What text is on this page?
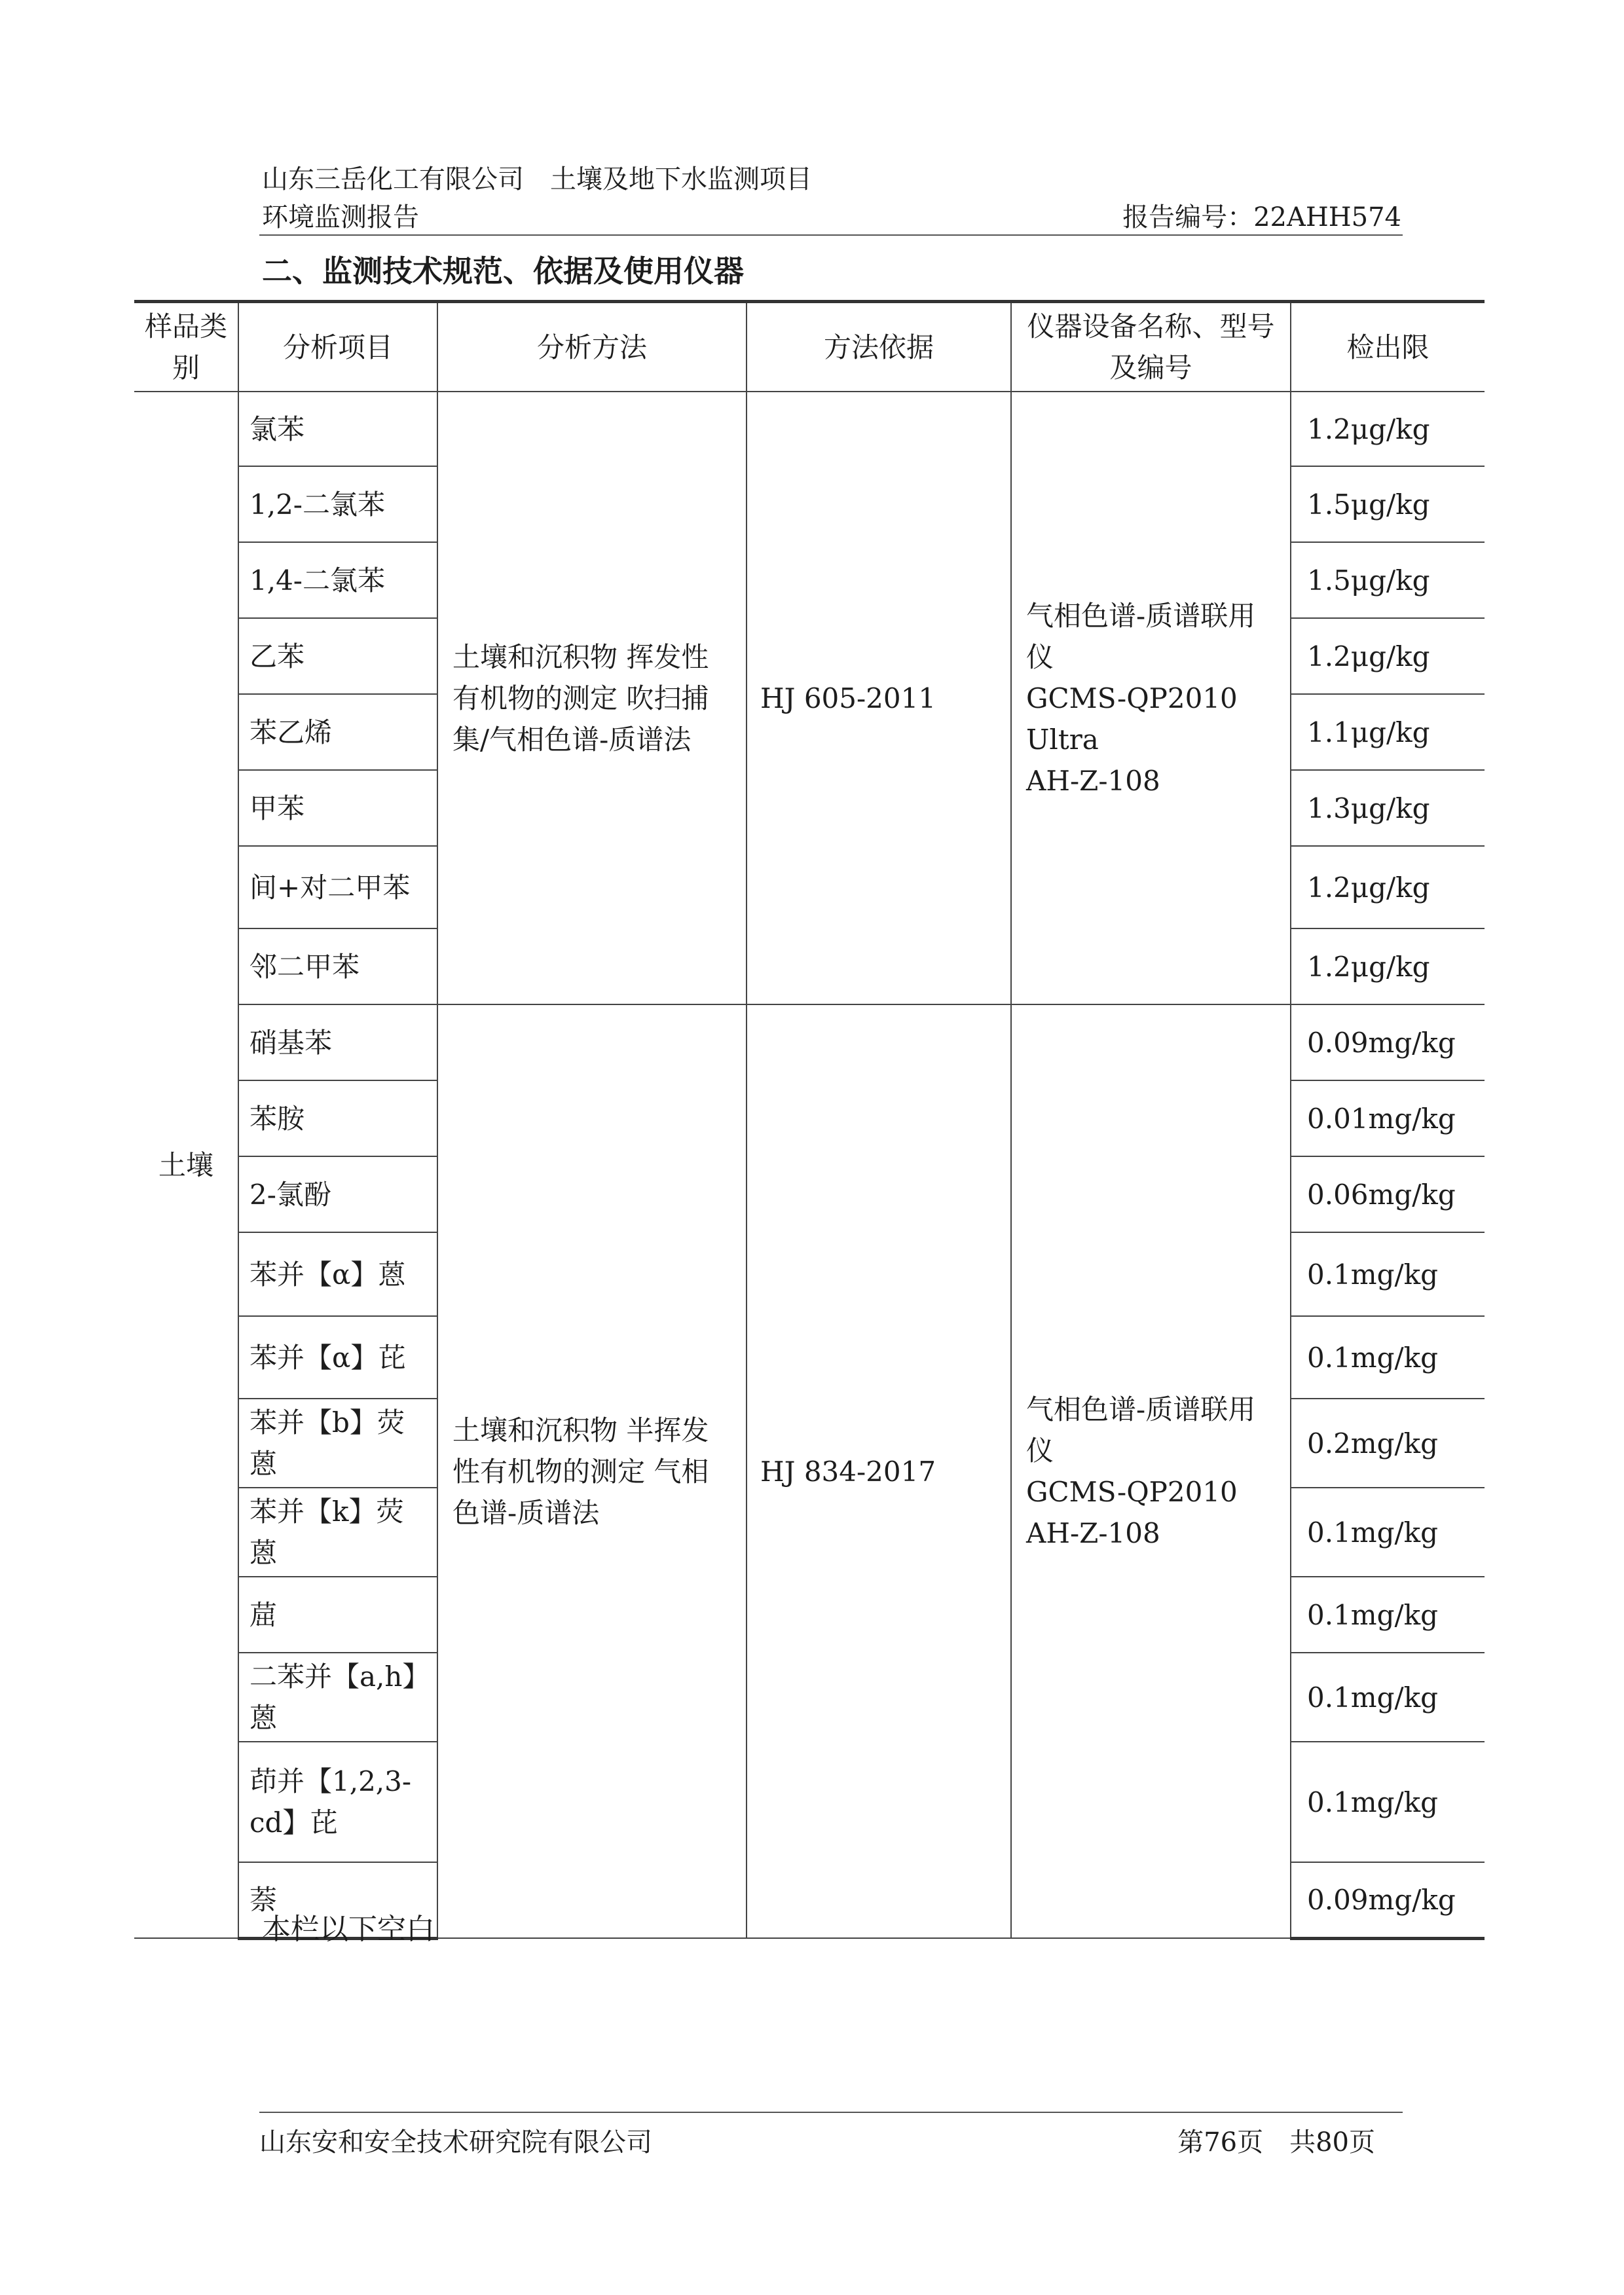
山东三岳化工有限公司　土壤及地下水监测项目
环境监测报告	报告编号：22AHH574
二、监测技术规范、依据及使用仪器
样品类别	分析项目	分析方法	方法依据	仪器设备名称、型号及编号	检出限
土壤	氯苯	土壤和沉积物 挥发性有机物的测定 吹扫捕集/气相色谱-质谱法	HJ 605-2011	气相色谱-质谱联用仪
GCMS-QP2010
Ultra
AH-Z-108	1.2μg/kg
	1,2-二氯苯				1.5μg/kg
	1,4-二氯苯				1.5μg/kg
	乙苯				1.2μg/kg
	苯乙烯				1.1μg/kg
	甲苯				1.3μg/kg
	间+对二甲苯				1.2μg/kg
	邻二甲苯				1.2μg/kg
	硝基苯	土壤和沉积物 半挥发性有机物的测定 气相色谱-质谱法	HJ 834-2017	气相色谱-质谱联用仪
GCMS-QP2010
AH-Z-108	0.09mg/kg
	苯胺				0.01mg/kg
	2-氯酚				0.06mg/kg
	苯并【α】蒽				0.1mg/kg
	苯并【α】芘				0.1mg/kg
	苯并【b】荧蒽				0.2mg/kg
	苯并【k】荧蒽				0.1mg/kg
	䓛				0.1mg/kg
	二苯并【a,h】蒽				0.1mg/kg
	茚并【1,2,3-cd】芘				0.1mg/kg
	萘				0.09mg/kg
本栏以下空白
山东安和安全技术研究院有限公司	第76页　共80页
